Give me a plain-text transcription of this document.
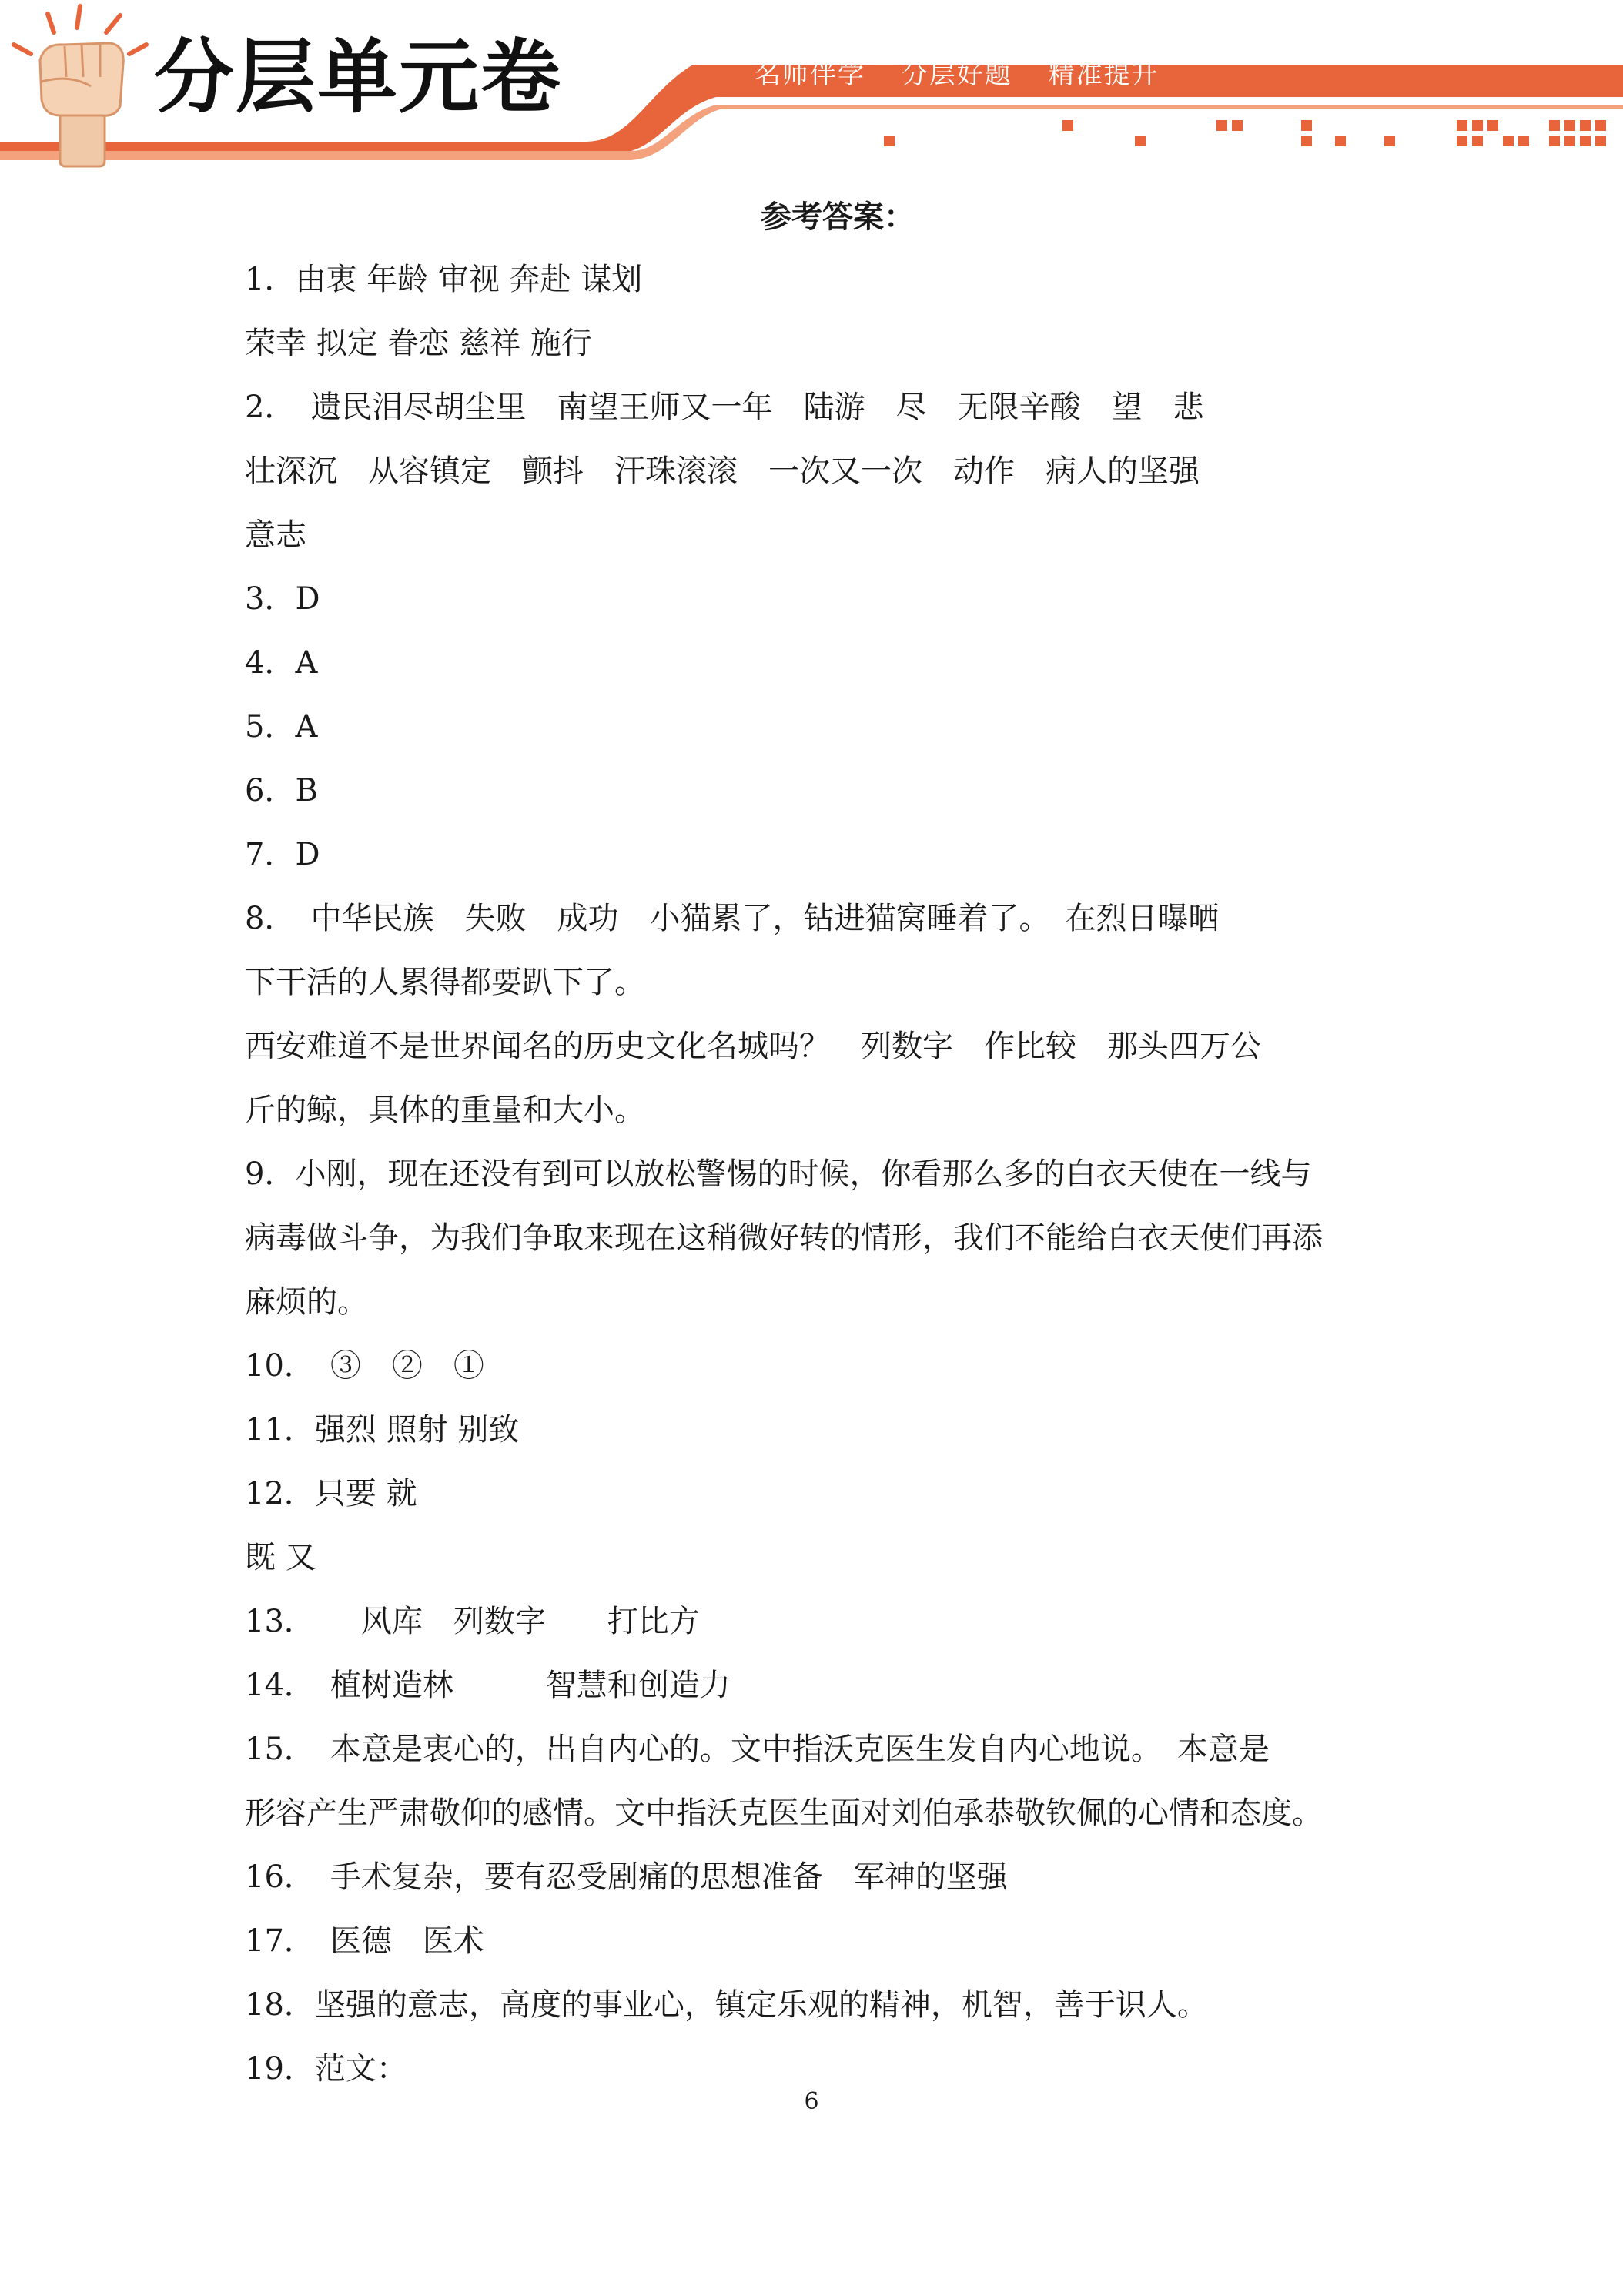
分层单元卷	名师伴学 分层好题 精准提升
参考答案：
1．由衷 年龄 审视 奔赴 谋划
荣幸 拟定 眷恋 慈祥 施行
2．　遗民泪尽胡尘里　南望王师又一年　陆游　尽　无限辛酸　望　悲
壮深沉　从容镇定　颤抖　汗珠滚滚　一次又一次　动作　病人的坚强
意志
3．D
4．A
5．A
6．B
7．D
8．　中华民族　失败　成功　小猫累了，钻进猫窝睡着了。　在烈日曝晒
下干活的人累得都要趴下了。
西安难道不是世界闻名的历史文化名城吗？　列数字　作比较　那头四万公
斤的鲸，具体的重量和大小。
9．小刚，现在还没有到可以放松警惕的时候，你看那么多的白衣天使在一线与
病毒做斗争，为我们争取来现在这稍微好转的情形，我们不能给白衣天使们再添
麻烦的。
10．　③　②　①
11．强烈 照射 别致
12．只要 就
既 又
13．　　风库　列数字　　打比方
14．　植树造林　　　智慧和创造力
15．　本意是衷心的，出自内心的。文中指沃克医生发自内心地说。　本意是
形容产生严肃敬仰的感情。文中指沃克医生面对刘伯承恭敬钦佩的心情和态度。
16．　手术复杂，要有忍受剧痛的思想准备　军神的坚强
17．　医德　医术
18．坚强的意志，高度的事业心，镇定乐观的精神，机智，善于识人。
19．范文：
6
